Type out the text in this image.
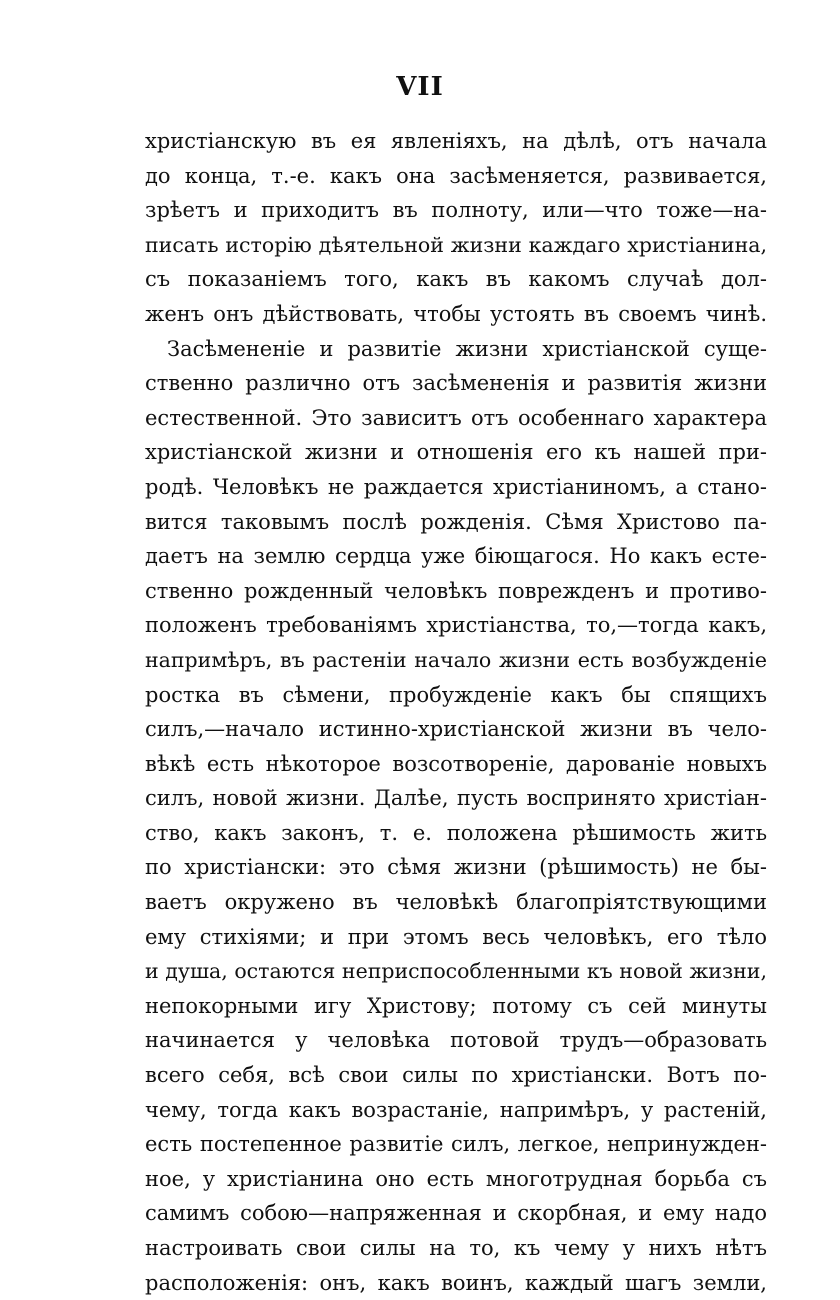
VII
христіанскую въ ея явленіяхъ, на дѣлѣ, отъ начала
до конца, т.-е. какъ она засѣменяется, развивается,
зрѣетъ и приходитъ въ полноту, или—что тоже—на-
писать исторію дѣятельной жизни каждаго христіанина,
съ показаніемъ того, какъ въ какомъ случаѣ дол-
женъ онъ дѣйствовать, чтобы устоять въ своемъ чинѣ.
Засѣмененіе и развитіе жизни христіанской суще-
ственно различно отъ засѣмененія и развитія жизни
естественной. Это зависитъ отъ особеннаго характера
христіанской жизни и отношенія его къ нашей при-
родѣ. Человѣкъ не раждается христіаниномъ, а стано-
вится таковымъ послѣ рожденія. Сѣмя Христово па-
даетъ на землю сердца уже біющагося. Но какъ есте-
ственно рожденный человѣкъ поврежденъ и противо-
положенъ требованіямъ христіанства, то,—тогда какъ,
напримѣръ, въ растеніи начало жизни есть возбужденіе
ростка въ сѣмени, пробужденіе какъ бы спящихъ
силъ,—начало истинно-христіанской жизни въ чело-
вѣкѣ есть нѣкоторое возсотвореніе, дарованіе новыхъ
силъ, новой жизни. Далѣе, пусть воспринято христіан-
ство, какъ законъ, т. е. положена рѣшимость жить
по христіански: это сѣмя жизни (рѣшимость) не бы-
ваетъ окружено въ человѣкѣ благопріятствующими
ему стихіями; и при этомъ весь человѣкъ, его тѣло
и душа, остаются неприспособленными къ новой жизни,
непокорными игу Христову; потому съ сей минуты
начинается у человѣка потовой трудъ—образовать
всего себя, всѣ свои силы по христіански. Вотъ по-
чему, тогда какъ возрастаніе, напримѣръ, у растеній,
есть постепенное развитіе силъ, легкое, непринужден-
ное, у христіанина оно есть многотрудная борьба съ
самимъ собою—напряженная и скорбная, и ему надо
настроивать свои силы на то, къ чему у нихъ нѣтъ
расположенія: онъ, какъ воинъ, каждый шагъ земли,
